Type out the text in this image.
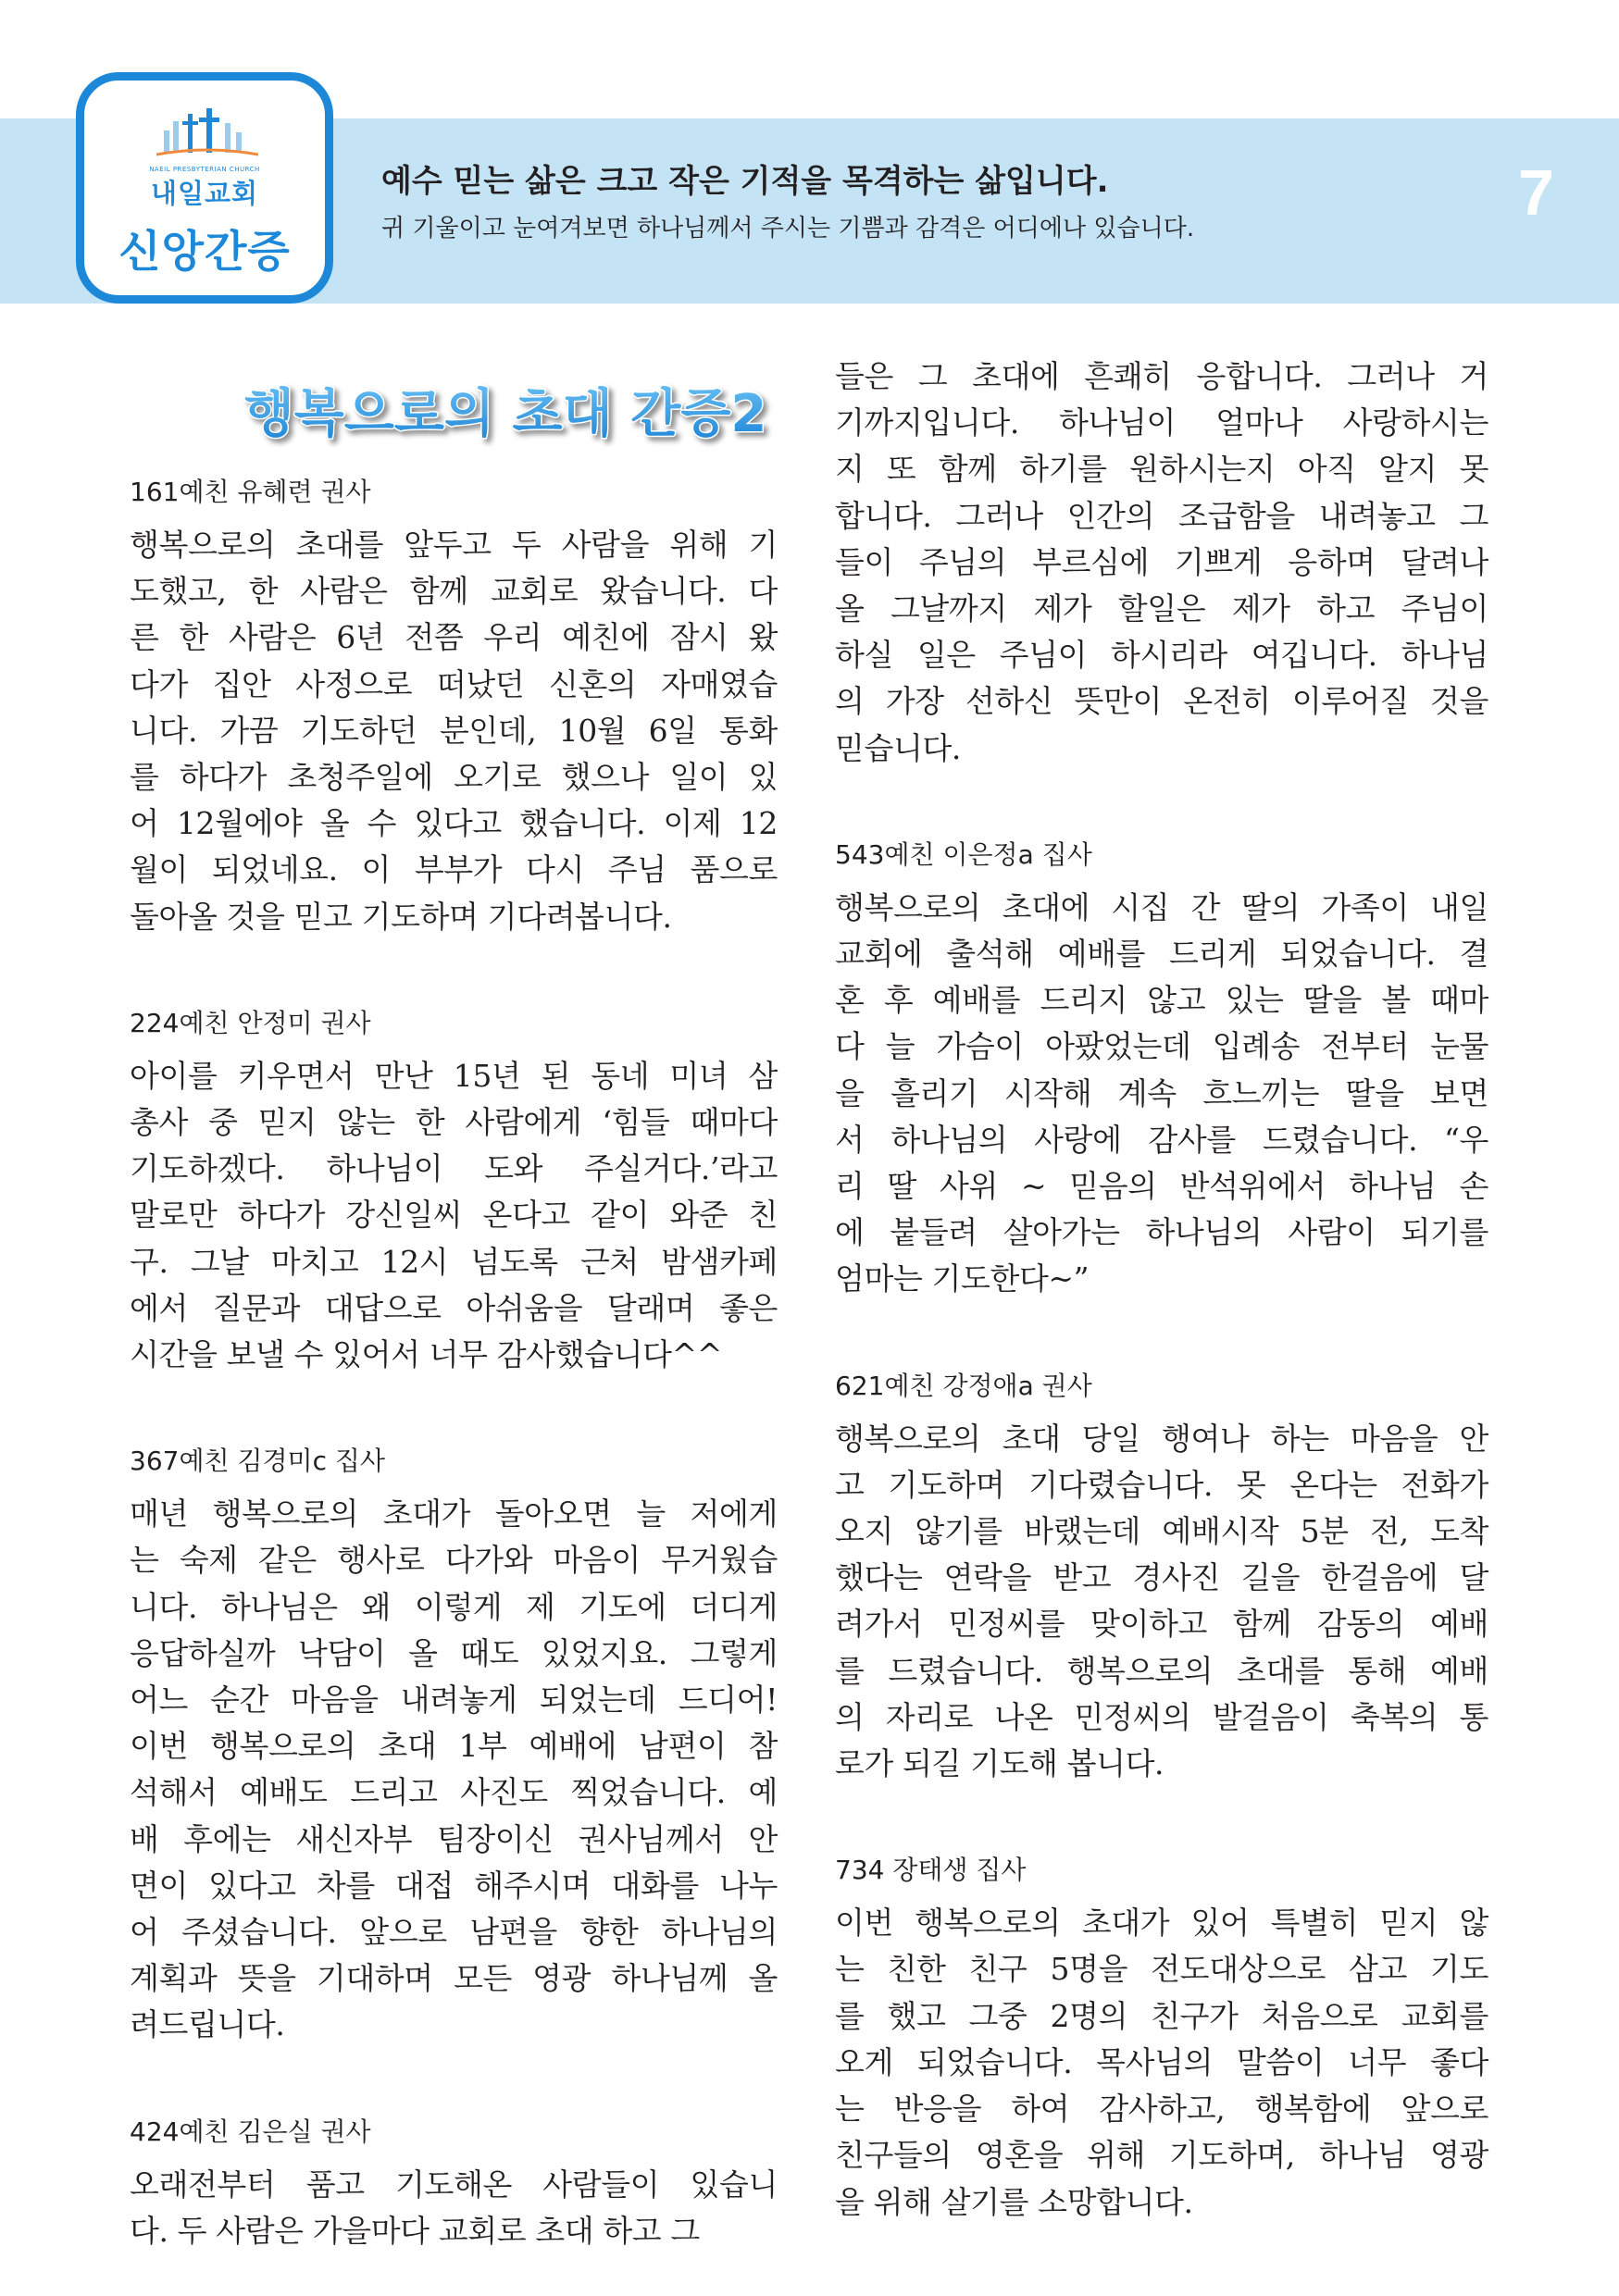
NAEIL PRESBYTERIAN CHURCH
내일교회
신앙간증
예수 믿는 삶은 크고 작은 기적을 목격하는 삶입니다.
귀 기울이고 눈여겨보면 하나님께서 주시는 기쁨과 감격은 어디에나 있습니다.	7
행복으로의 초대 간증2
161예친 유혜련 권사
행복으로의 초대를 앞두고 두 사람을 위해 기
도했고, 한 사람은 함께 교회로 왔습니다. 다
른 한 사람은 6년 전쯤 우리 예친에 잠시 왔
다가 집안 사정으로 떠났던 신혼의 자매였습
니다. 가끔 기도하던 분인데, 10월 6일 통화
를 하다가 초청주일에 오기로 했으나 일이 있
어 12월에야 올 수 있다고 했습니다. 이제 12
월이 되었네요. 이 부부가 다시 주님 품으로
돌아올 것을 믿고 기도하며 기다려봅니다.
224예친 안정미 권사
아이를 키우면서 만난 15년 된 동네 미녀 삼
총사 중 믿지 않는 한 사람에게 ‘힘들 때마다
기도하겠다. 하나님이 도와 주실거다.’라고
말로만 하다가 강신일씨 온다고 같이 와준 친
구. 그날 마치고 12시 넘도록 근처 밤샘카페
에서 질문과 대답으로 아쉬움을 달래며 좋은
시간을 보낼 수 있어서 너무 감사했습니다^^
367예친 김경미c 집사
매년 행복으로의 초대가 돌아오면 늘 저에게
는 숙제 같은 행사로 다가와 마음이 무거웠습
니다. 하나님은 왜 이렇게 제 기도에 더디게
응답하실까 낙담이 올 때도 있었지요. 그렇게
어느 순간 마음을 내려놓게 되었는데 드디어!
이번 행복으로의 초대 1부 예배에 남편이 참
석해서 예배도 드리고 사진도 찍었습니다. 예
배 후에는 새신자부 팀장이신 권사님께서 안
면이 있다고 차를 대접 해주시며 대화를 나누
어 주셨습니다. 앞으로 남편을 향한 하나님의
계획과 뜻을 기대하며 모든 영광 하나님께 올
려드립니다.
424예친 김은실 권사
오래전부터 품고 기도해온 사람들이 있습니
다. 두 사람은 가을마다 교회로 초대 하고 그
들은 그 초대에 흔쾌히 응합니다. 그러나 거
기까지입니다. 하나님이 얼마나 사랑하시는
지 또 함께 하기를 원하시는지 아직 알지 못
합니다. 그러나 인간의 조급함을 내려놓고 그
들이 주님의 부르심에 기쁘게 응하며 달려나
올 그날까지 제가 할일은 제가 하고 주님이
하실 일은 주님이 하시리라 여깁니다. 하나님
의 가장 선하신 뜻만이 온전히 이루어질 것을
믿습니다.
543예친 이은정a 집사
행복으로의 초대에 시집 간 딸의 가족이 내일
교회에 출석해 예배를 드리게 되었습니다. 결
혼 후 예배를 드리지 않고 있는 딸을 볼 때마
다 늘 가슴이 아팠었는데 입례송 전부터 눈물
을 흘리기 시작해 계속 흐느끼는 딸을 보면
서 하나님의 사랑에 감사를 드렸습니다. “우
리 딸 사위 ~ 믿음의 반석위에서 하나님 손
에 붙들려 살아가는 하나님의 사람이 되기를
엄마는 기도한다~”
621예친 강정애a 권사
행복으로의 초대 당일 행여나 하는 마음을 안
고 기도하며 기다렸습니다. 못 온다는 전화가
오지 않기를 바랬는데 예배시작 5분 전, 도착
했다는 연락을 받고 경사진 길을 한걸음에 달
려가서 민정씨를 맞이하고 함께 감동의 예배
를 드렸습니다. 행복으로의 초대를 통해 예배
의 자리로 나온 민정씨의 발걸음이 축복의 통
로가 되길 기도해 봅니다.
734 장태생 집사
이번 행복으로의 초대가 있어 특별히 믿지 않
는 친한 친구 5명을 전도대상으로 삼고 기도
를 했고 그중 2명의 친구가 처음으로 교회를
오게 되었습니다. 목사님의 말씀이 너무 좋다
는 반응을 하여 감사하고, 행복함에 앞으로
친구들의 영혼을 위해 기도하며, 하나님 영광
을 위해 살기를 소망합니다.
